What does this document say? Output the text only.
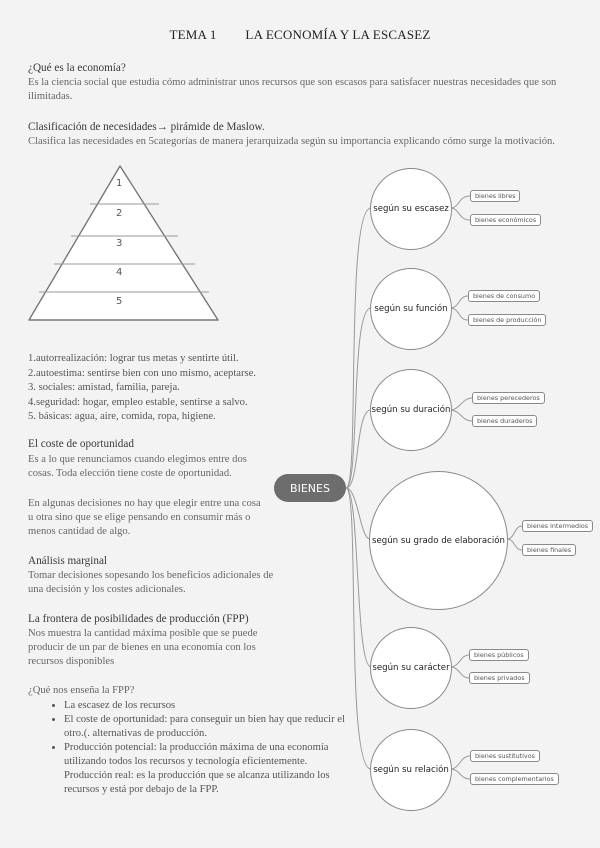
TEMA 1 LA ECONOMÍA Y LA ESCASEZ
¿Qué es la economía?
Es la ciencia social que estudia cómo administrar unos recursos que son escasos para satisfacer nuestras necesidades que son ilimitadas.
Clasificación de necesidades→ pirámide de Maslow.
Clasifica las necesidades en 5categorías de manera jerarquizada según su importancia explicando cómo surge la motivación.
1
2
3
4
5
1.autorrealización: lograr tus metas y sentirte útil.
2.autoestima: sentirse bien con uno mismo, aceptarse.
3. sociales: amistad, familia, pareja.
4.seguridad: hogar, empleo estable, sentirse a salvo.
5. básicas: agua, aire, comida, ropa, higiene.
El coste de oportunidad
Es a lo que renunciamos cuando elegimos entre dos cosas. Toda elección tiene coste de oportunidad.
En algunas decisiones no hay que elegir entre una cosa u otra sino que se elige pensando en consumir más o menos cantidad de algo.
Análisis marginal
Tomar decisiones sopesando los beneficios adicionales de una decisión y los costes adicionales.
La frontera de posibilidades de producción (FPP)
Nos muestra la cantidad máxima posible que se puede producir de un par de bienes en una economía con los recursos disponibles
¿Qué nos enseña la FPP?
• La escasez de los recursos
• El coste de oportunidad: para conseguir un bien hay que reducir el otro.(. alternativas de producción.
• Producción potencial: la producción máxima de una economía utilizando todos los recursos y tecnología eficientemente.
Producción real: es la producción que se alcanza utilizando los recursos y está por debajo de la FPP.
BIENES
según su escasez
bienes libres
bienes económicos
según su función
bienes de consumo
bienes de producción
según su duración
bienes perecederos
bienes duraderos
según su grado de elaboración
bienes intermedios
bienes finales
según su carácter
bienes públicos
bienes privados
según su relación
bienes sustitutivos
bienes complementarios
